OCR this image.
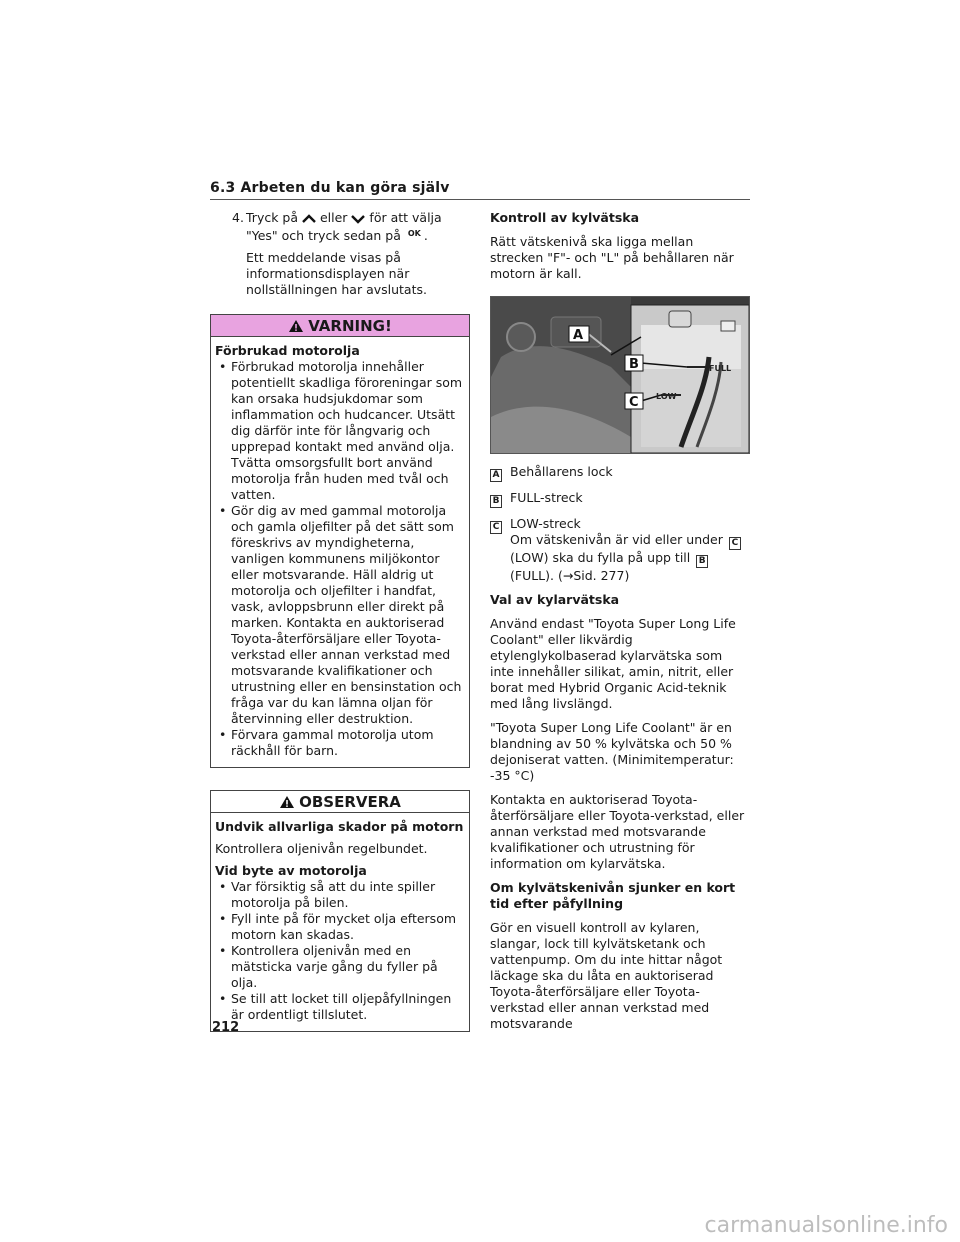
6.3 Arbeten du kan göra själv
4. Tryck på eller för att välja "Yes" och tryck sedan på $^{OK}$ .

Ett meddelande visas på informationsdisplayen när nollställningen har avslutats.

VARNING!

Förbrukad motorolja

• Förbrukad motorolja innehåller potentiellt skadliga föroreningar som kan orsaka hudsjukdomar som inflammation och hudcancer. Utsätt dig därför inte för långvarig och upprepad kontakt med använd olja. Tvätta omsorgsfullt bort använd motorolja från huden med tvål och vatten.
• Gör dig av med gammal motorolja och gamla oljefilter på det sätt som föreskrivs av myndigheterna, vanligen kommunens miljökontor eller motsvarande. Häll aldrig ut motorolja och oljefilter i handfat, vask, avloppsbrunn eller direkt på marken. Kontakta en auktoriserad Toyota-återförsäljare eller Toyota-verkstad eller annan verkstad med motsvarande kvalifikationer och utrustning eller en bensinstation och fråga var du kan lämna oljan för återvinning eller destruktion.
• Förvara gammal motorolja utom räckhåll för barn.
OBSERVERA

Undvik allvarliga skador på motorn

Kontrollera oljenivån regelbundet.

Vid byte av motorolja

• Var försiktig så att du inte spiller motorolja på bilen.
• Fyll inte på för mycket olja eftersom motorn kan skadas.
• Kontrollera oljenivån med en mätsticka varje gång du fyller på olja.
• Se till att locket till oljepåfyllningen är ordentligt tillslutet.

Kontroll av kylvätska

Rätt vätskenivå ska ligga mellan strecken "F"- och "L" på behållaren när motorn är kall.

A
B
C
FULL
LOW
A Behållarens lock
B FULL-streck
C LOW-streck
Om vätskenivån är vid eller under C (LOW) ska du fylla på upp till B (FULL). (→Sid. 277)

Val av kylarvätska

Använd endast "Toyota Super Long Life Coolant" eller likvärdig etylenglykolbaserad kylarvätska som inte innehåller silikat, amin, nitrit, eller borat med Hybrid Organic Acid-teknik med lång livslängd.

"Toyota Super Long Life Coolant" är en blandning av 50 % kylvätska och 50 % dejoniserat vatten. (Minimitemperatur: -35 °C)

Kontakta en auktoriserad Toyota-återförsäljare eller Toyota-verkstad, eller annan verkstad med motsvarande kvalifikationer och utrustning för information om kylarvätska.

Om kylvätskenivån sjunker en kort tid efter påfyllning

Gör en visuell kontroll av kylaren, slangar, lock till kylvätsketank och vattenpump. Om du inte hittar något läckage ska du låta en auktoriserad Toyota-återförsäljare eller Toyota-verkstad eller annan verkstad med motsvarande

212
carmanualsonline.info
